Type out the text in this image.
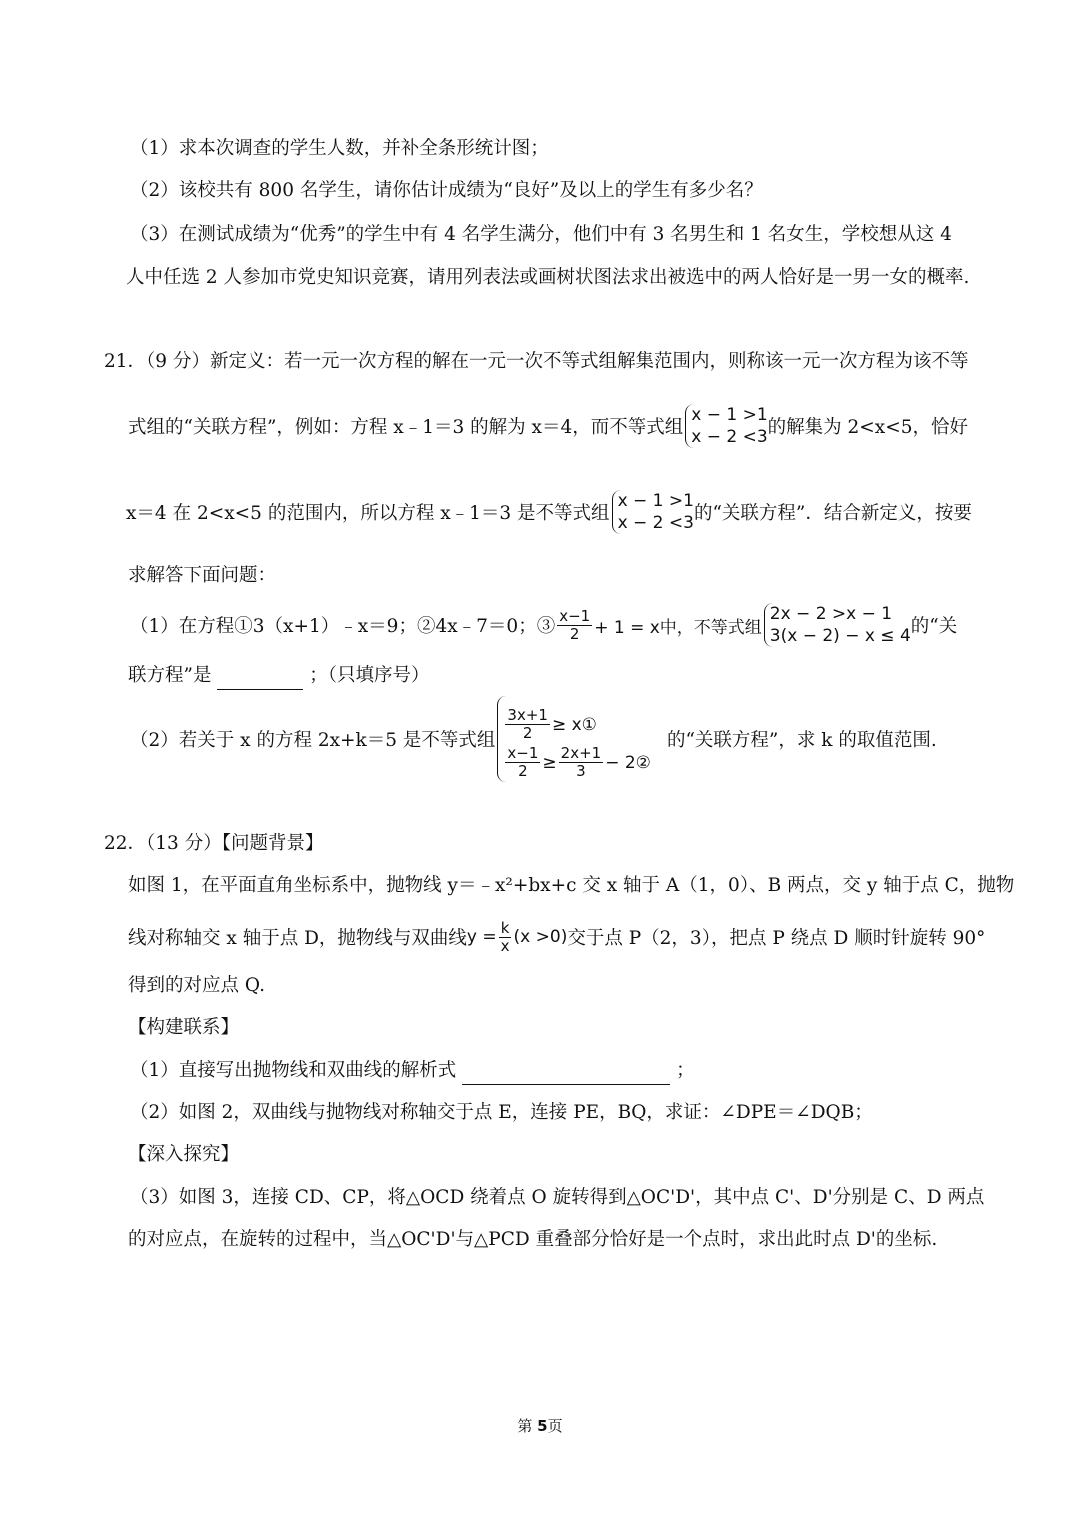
（1）求本次调查的学生人数，并补全条形统计图；
（2）该校共有 800 名学生，请你估计成绩为“良好”及以上的学生有多少名？
（3）在测试成绩为“优秀”的学生中有 4 名学生满分，他们中有 3 名男生和 1 名女生，学校想从这 4
人中任选 2 人参加市党史知识竞赛，请用列表法或画树状图法求出被选中的两人恰好是一男一女的概率.
21．（9 分）新定义：若一元一次方程的解在一元一次不等式组解集范围内，则称该一元一次方程为该不等
式组的“关联方程”，例如：方程 x﹣1＝3 的解为 x＝4，而不等式组
x − 1 >1
x − 2 <3 的解集为 2<x<5，恰好
x＝4 在 2<x<5 的范围内，所以方程 x﹣1＝3 是不等式组
x − 1 >1
x − 2 <3 的“关联方程”．结合新定义，按要
求解答下面问题：
（1）在方程①3（x+1）﹣x＝9；②4x﹣7＝0；③ $\frac{x-1}{2} + 1 = x$中，不等式组
2x − 2 >x − 1
3(x − 2) − x ≤ 4 的“关
联方程”是	；（只填序号）
（2）若关于 x 的方程 2x+k＝5 是不等式组 $\frac{3x+1}{2}$ ≥ x①
$\frac{x-1}{2} \ge \frac{2x+1}{3}$ − 2②
的“关联方程”，求 k 的取值范围.
22．（13 分）【问题背景】
如图 1，在平面直角坐标系中，抛物线 y＝﹣x²+bx+c 交 x 轴于 A（1，0）、B 两点，交 y 轴于点 C，抛物
线对称轴交 x 轴于点 D，抛物线与双曲线 $y = \frac{k}{x} (x >0)$ 交于点 P（2，3），把点 P 绕点 D 顺时针旋转 90°
得到的对应点 Q.
【构建联系】
（1）直接写出抛物线和双曲线的解析式	；
（2）如图 2，双曲线与抛物线对称轴交于点 E，连接 PE，BQ，求证：∠DPE＝∠DQB；
【深入探究】
（3）如图 3，连接 CD、CP，将△OCD 绕着点 O 旋转得到△OC'D'，其中点 C'、D'分别是 C、D 两点
的对应点，在旋转的过程中，当△OC'D'与△PCD 重叠部分恰好是一个点时，求出此时点 D'的坐标.
第 5页
